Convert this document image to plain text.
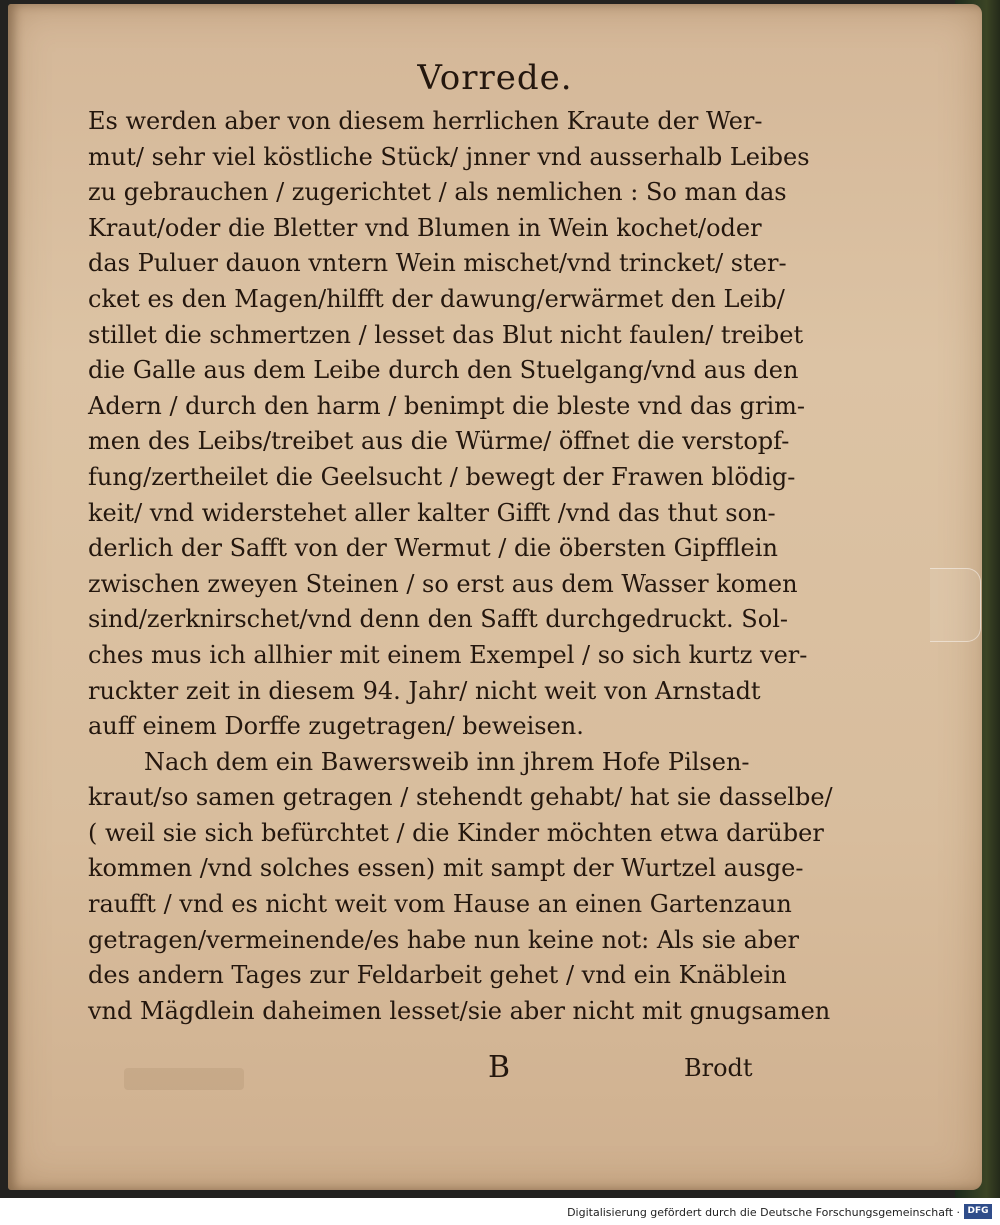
Vorrede.
Es werden aber von diesem herrlichen Kraute der Wer-
mut/ sehr viel köstliche Stück/ jnner vnd ausserhalb Leibes
zu gebrauchen / zugerichtet / als nemlichen : So man das
Kraut/oder die Bletter vnd Blumen in Wein kochet/oder
das Puluer dauon vntern Wein mischet/vnd trincket/ ster-
cket es den Magen/hilfft der dawung/erwärmet den Leib/
stillet die schmertzen / lesset das Blut nicht faulen/ treibet
die Galle aus dem Leibe durch den Stuelgang/vnd aus den
Adern / durch den harm / benimpt die bleste vnd das grim-
men des Leibs/treibet aus die Würme/ öffnet die verstopf-
fung/zertheilet die Geelsucht / bewegt der Frawen blödig-
keit/ vnd widerstehet aller kalter Gifft /vnd das thut son-
derlich der Safft von der Wermut / die öbersten Gipfflein
zwischen zweyen Steinen / so erst aus dem Wasser komen
sind/zerknirschet/vnd denn den Safft durchgedruckt. Sol-
ches mus ich allhier mit einem Exempel / so sich kurtz ver-
ruckter zeit in diesem 94. Jahr/ nicht weit von Arnstadt
auff einem Dorffe zugetragen/ beweisen.
Nach dem ein Bawersweib inn jhrem Hofe Pilsen-
kraut/so samen getragen / stehendt gehabt/ hat sie dasselbe/
( weil sie sich befürchtet / die Kinder möchten etwa darüber
kommen /vnd solches essen) mit sampt der Wurtzel ausge-
raufft / vnd es nicht weit vom Hause an einen Gartenzaun
getragen/vermeinende/es habe nun keine not: Als sie aber
des andern Tages zur Feldarbeit gehet / vnd ein Knäblein
vnd Mägdlein daheimen lesset/sie aber nicht mit gnugsamen
B	Brodt
Digitalisierung gefördert durch die Deutsche Forschungsgemeinschaft · DFG
